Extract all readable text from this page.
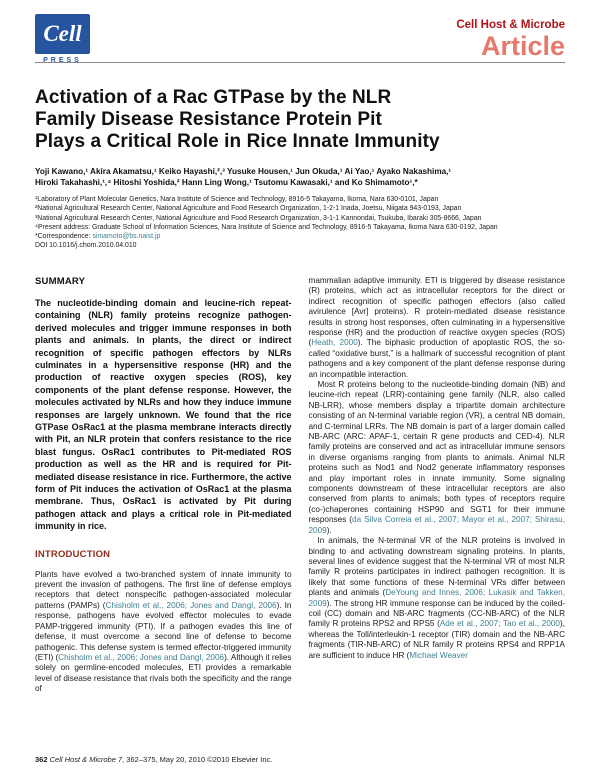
Cell
PRESS
Cell Host & Microbe
Article
Activation of a Rac GTPase by the NLR
Family Disease Resistance Protein Pit
Plays a Critical Role in Rice Innate Immunity
Yoji Kawano,¹ Akira Akamatsu,¹ Keiko Hayashi,²,³ Yusuke Housen,¹ Jun Okuda,¹ Ai Yao,¹ Ayako Nakashima,¹
Hiroki Takahashi,¹,⁴ Hitoshi Yoshida,² Hann Ling Wong,¹ Tsutomu Kawasaki,¹ and Ko Shimamoto¹,*
¹Laboratory of Plant Molecular Genetics, Nara Institute of Science and Technology, 8916-5 Takayama, Ikoma, Nara 630-0101, Japan
²National Agricultural Research Center, National Agriculture and Food Research Organization, 1-2-1 Inada, Joetsu, Niigata 943-0193, Japan
³National Agricultural Research Center, National Agriculture and Food Research Organization, 3-1-1 Kannondai, Tsukuba, Ibaraki 305-8666, Japan
⁴Present address: Graduate School of Information Sciences, Nara Institute of Science and Technology, 8916-5 Takayama, Ikoma Nara 630-0192, Japan
*Correspondence: simamoto@bs.naist.jp
DOI 10.1016/j.chom.2010.04.010
SUMMARY

The nucleotide-binding domain and leucine-rich repeat-containing (NLR) family proteins recognize pathogen-derived molecules and trigger immune responses in both plants and animals. In plants, the direct or indirect recognition of specific pathogen effectors by NLRs culminates in a hypersensitive response (HR) and the production of reactive oxygen species (ROS), key components of the plant defense response. However, the molecules activated by NLRs and how they induce immune responses are largely unknown. We found that the rice GTPase OsRac1 at the plasma membrane interacts directly with Pit, an NLR protein that confers resistance to the rice blast fungus. OsRac1 contributes to Pit-mediated ROS production as well as the HR and is required for Pit-mediated disease resistance in rice. Furthermore, the active form of Pit induces the activation of OsRac1 at the plasma membrane. Thus, OsRac1 is activated by Pit during pathogen attack and plays a critical role in Pit-mediated immunity in rice.

INTRODUCTION

Plants have evolved a two-branched system of innate immunity to prevent the invasion of pathogens. The first line of defense employs receptors that detect nonspecific pathogen-associated molecular patterns (PAMPs) (Chisholm et al., 2006; Jones and Dangl, 2006). In response, pathogens have evolved effector molecules to evade PAMP-triggered immunity (PTI). If a pathogen evades this line of defense, it must overcome a second line of defense to become pathogenic. This defense system is termed effector-triggered immunity (ETI) (Chisholm et al., 2006; Jones and Dangl, 2006). Although it relies solely on germline-encoded molecules, ETI provides a remarkable level of disease resistance that rivals both the specificity and the range of

mammalian adaptive immunity. ETI is triggered by disease resistance (R) proteins, which act as intracellular receptors for the direct or indirect recognition of specific pathogen effectors (also called avirulence [Avr] proteins). R protein-mediated disease resistance results in strong host responses, often culminating in a hypersensitive response (HR) and the production of reactive oxygen species (ROS) (Heath, 2000). The biphasic production of apoplastic ROS, the so-called “oxidative burst,” is a hallmark of successful recognition of plant pathogens and a key component of the plant defense response during an incompatible interaction.

Most R proteins belong to the nucleotide-binding domain (NB) and leucine-rich repeat (LRR)-containing gene family (NLR, also called NB-LRR), whose members display a tripartite domain architecture consisting of an N-terminal variable region (VR), a central NB domain, and C-terminal LRRs. The NB domain is part of a larger domain called NB-ARC (ARC: APAF-1, certain R gene products and CED-4). NLR family proteins are conserved and act as intracellular immune sensors in diverse organisms ranging from plants to animals. Animal NLR proteins such as Nod1 and Nod2 generate inflammatory responses and play important roles in innate immunity. Some signaling components downstream of these intracellular receptors are also conserved from plants to animals; both types of receptors require (co-)chaperones containing HSP90 and SGT1 for their immune responses (da Silva Correia et al., 2007; Mayor et al., 2007; Shirasu, 2009).

In animals, the N-terminal VR of the NLR proteins is involved in binding to and activating downstream signaling proteins. In plants, several lines of evidence suggest that the N-terminal VR of most NLR family R proteins participates in indirect pathogen recognition. It is likely that some functions of these N-terminal VRs differ between plants and animals (DeYoung and Innes, 2006; Lukasik and Takken, 2009). The strong HR immune response can be induced by the coiled-coil (CC) domain and NB-ARC fragments (CC-NB-ARC) of the NLR family R proteins RPS2 and RPS5 (Ade et al., 2007; Tao et al., 2000), whereas the Toll/interleukin-1 receptor (TIR) domain and the NB-ARC fragments (TIR-NB-ARC) of NLR family R proteins RPS4 and RPP1A are sufficient to induce HR (Michael Weaver

362 Cell Host & Microbe 7, 362–375, May 20, 2010 ©2010 Elsevier Inc.
